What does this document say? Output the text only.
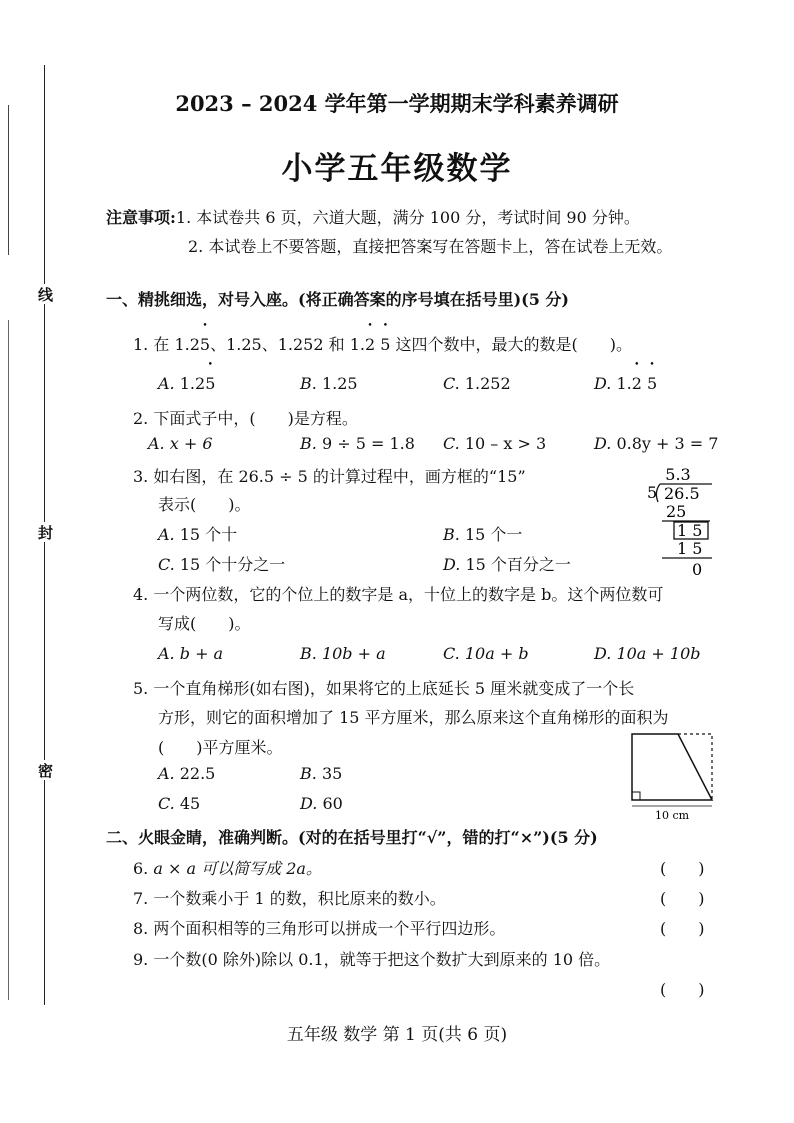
线
封
密
2023 – 2024 学年第一学期期末学科素养调研
小学五年级数学
注意事项:1. 本试卷共 6 页，六道大题，满分 100 分，考试时间 90 分钟。
2. 本试卷上不要答题，直接把答案写在答题卡上，答在试卷上无效。
一、精挑细选，对号入座。(将正确答案的序号填在括号里)(5 分)
1. 在 1.2• 5、1.25、1.252 和 1.• 2 • 5 这四个数中，最大的数是(　　)。
A. 1.2• 5	B. 1.25	C. 1.252	D. 1.• 2 • 5
2. 下面式子中，(　　)是方程。
A. x + 6	B. 9 ÷ 5 = 1.8 C. 10 – x > 3	D. 0.8y + 3 = 7
3. 如右图，在 26.5 ÷ 5 的计算过程中，画方框的“15”
表示(　　)。
A. 15 个十	B. 15 个一
C. 15 个十分之一	D. 15 个百分之一
5.3
5 26.5
25
1 5
1 5
0
4. 一个两位数，它的个位上的数字是 a，十位上的数字是 b。这个两位数可
写成(　　)。
A. b + a	B. 10b + a	C. 10a + b	D. 10a + 10b
5. 一个直角梯形(如右图)，如果将它的上底延长 5 厘米就变成了一个长
方形，则它的面积增加了 15 平方厘米，那么原来这个直角梯形的面积为
(　　)平方厘米。
A. 22.5	B. 35
C. 45	D. 60
10 cm
二、火眼金睛，准确判断。(对的在括号里打“√”，错的打“×”)(5 分)
6. a × a 可以简写成 2a。	(　　)
7. 一个数乘小于 1 的数，积比原来的数小。	(　　)
8. 两个面积相等的三角形可以拼成一个平行四边形。	(　　)
9. 一个数(0 除外)除以 0.1，就等于把这个数扩大到原来的 10 倍。
(　　)
五年级 数学 第 1 页(共 6 页)
